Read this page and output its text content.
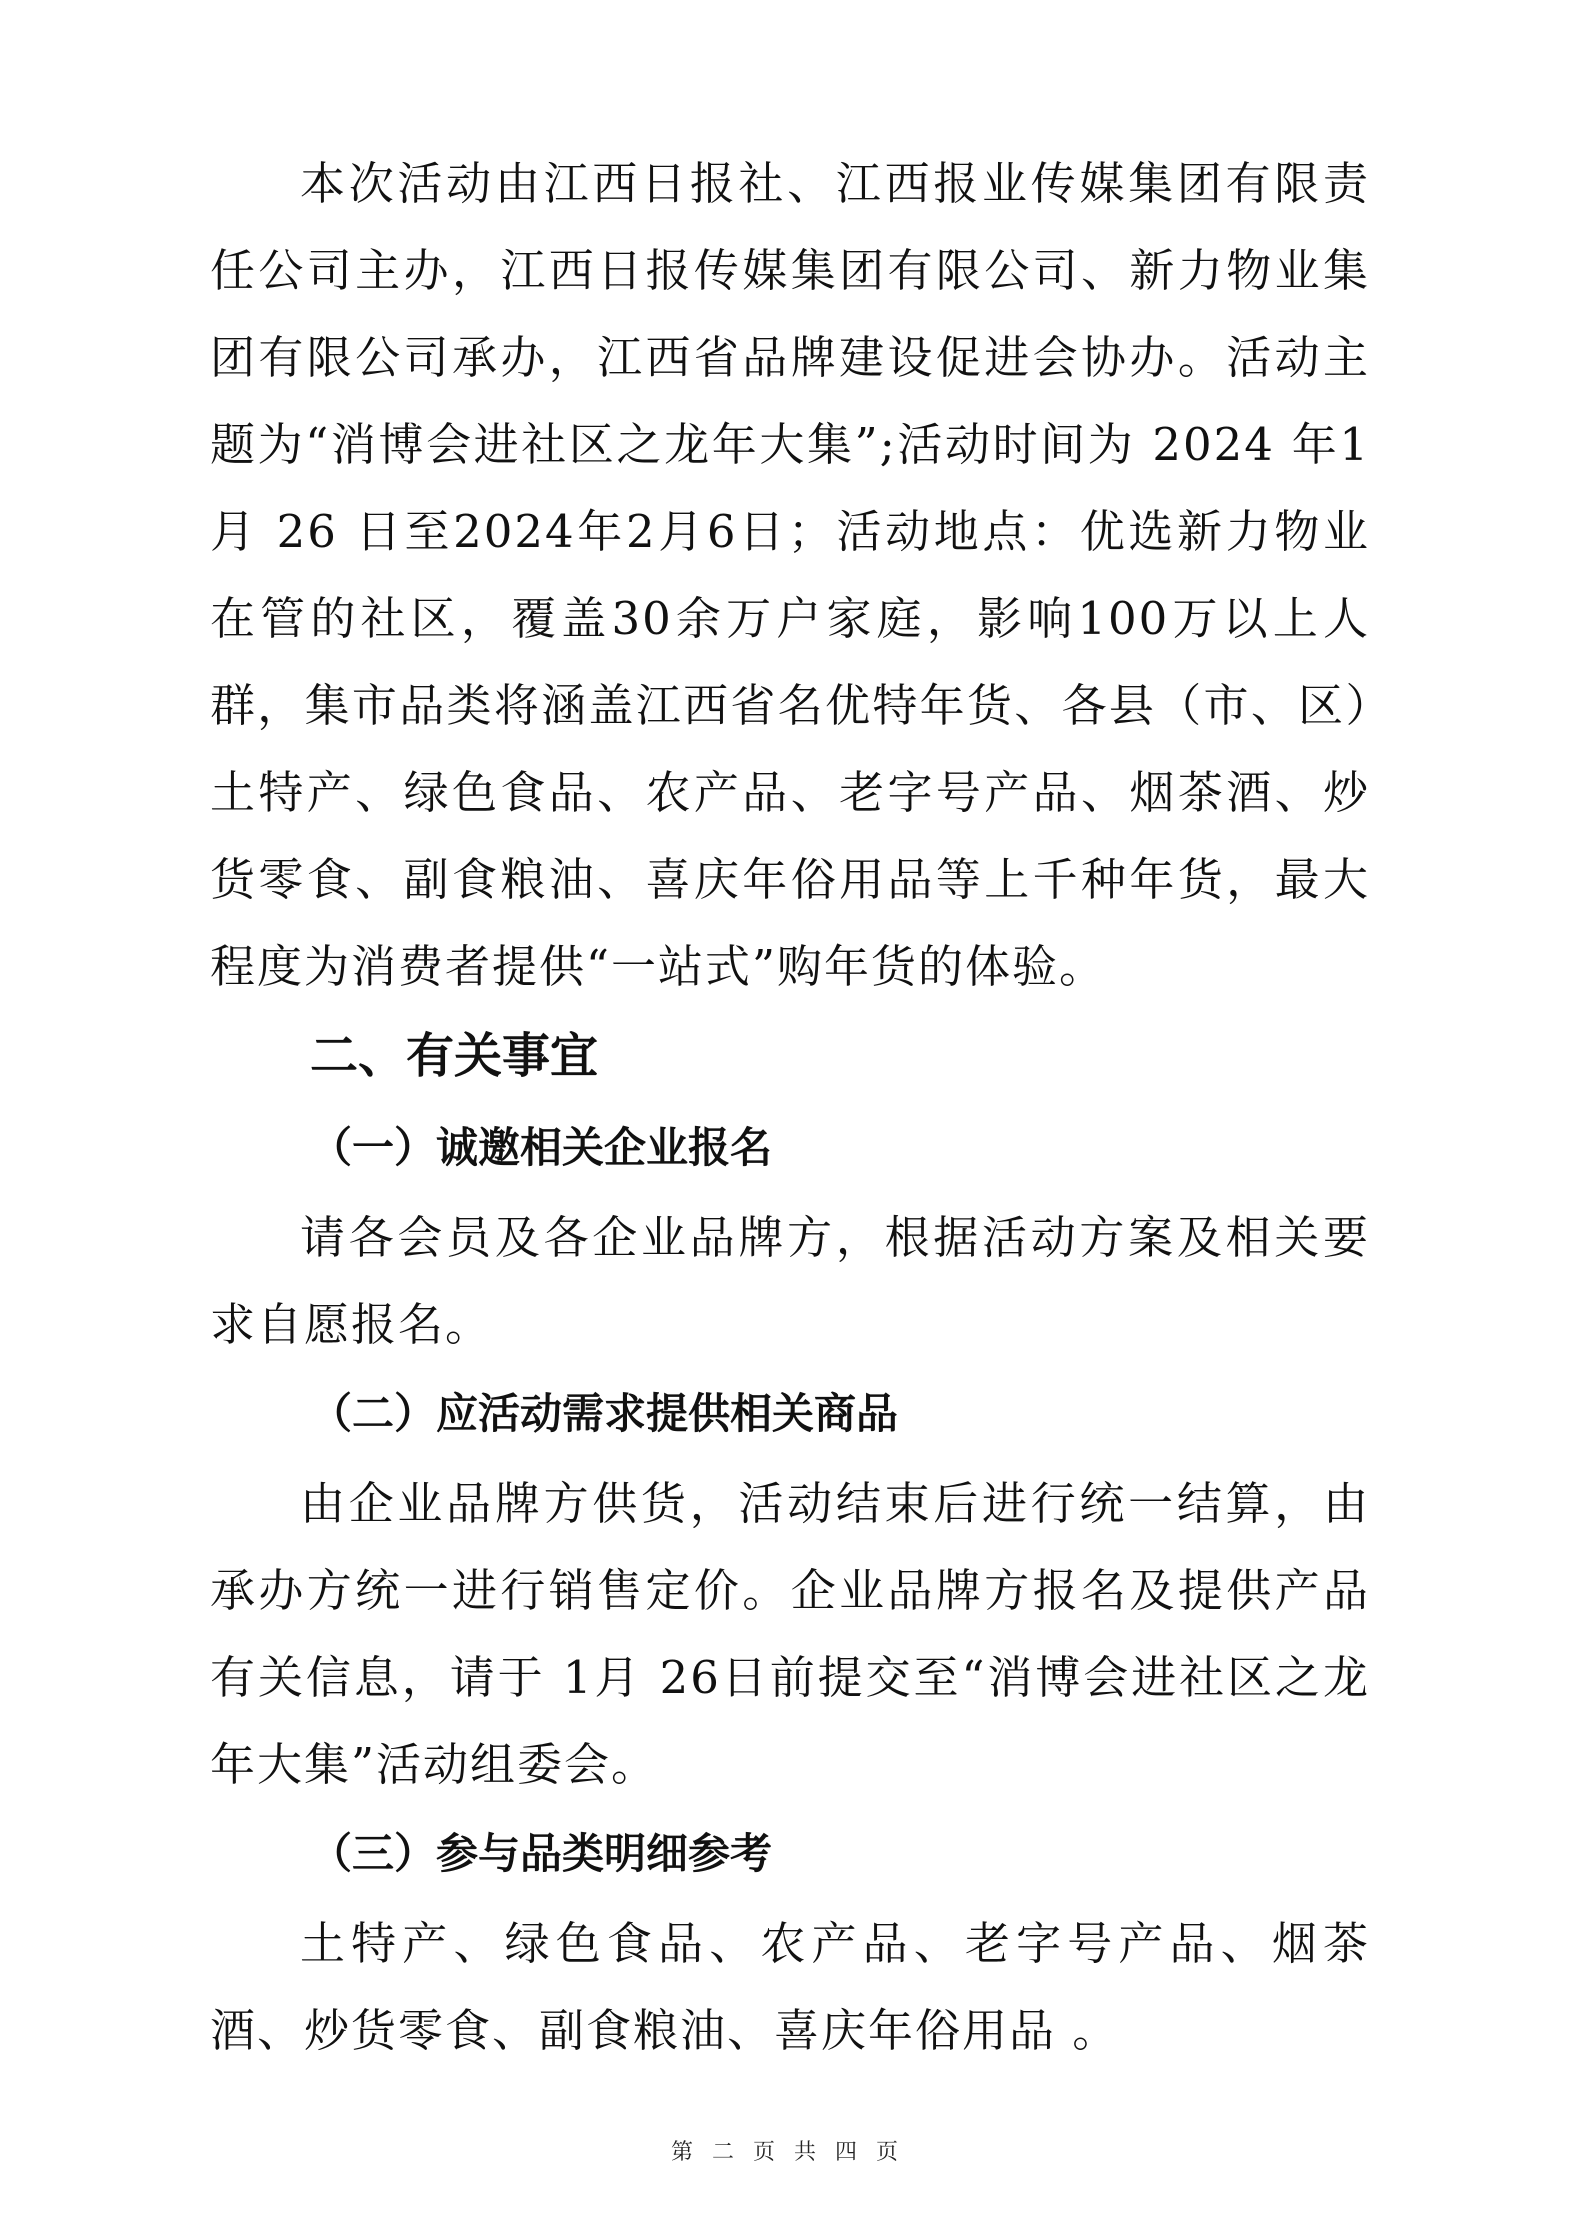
本次活动由江西日报社、江西报业传媒集团有限责任公司主办，江西日报传媒集团有限公司、新力物业集团有限公司承办，江西省品牌建设促进会协办。活动主题为“消博会进社区之龙年大集”;活动时间为 2024 年1月 26 日至2024年2月6日；活动地点：优选新力物业在管的社区，覆盖30余万户家庭，影响100万以上人群，集市品类将涵盖江西省名优特年货、各县（市、区）土特产、绿色食品、农产品、老字号产品、烟茶酒、炒货零食、副食粮油、喜庆年俗用品等上千种年货，最大程度为消费者提供“一站式”购年货的体验。

二、有关事宜

（一）诚邀相关企业报名

请各会员及各企业品牌方，根据活动方案及相关要求自愿报名。

（二）应活动需求提供相关商品

由企业品牌方供货，活动结束后进行统一结算，由承办方统一进行销售定价。企业品牌方报名及提供产品有关信息，请于 1月 26日前提交至“消博会进社区之龙年大集”活动组委会。

（三）参与品类明细参考

土特产、绿色食品、农产品、老字号产品、烟茶酒、炒货零食、副食粮油、喜庆年俗用品 。

第 二 页 共 四 页
